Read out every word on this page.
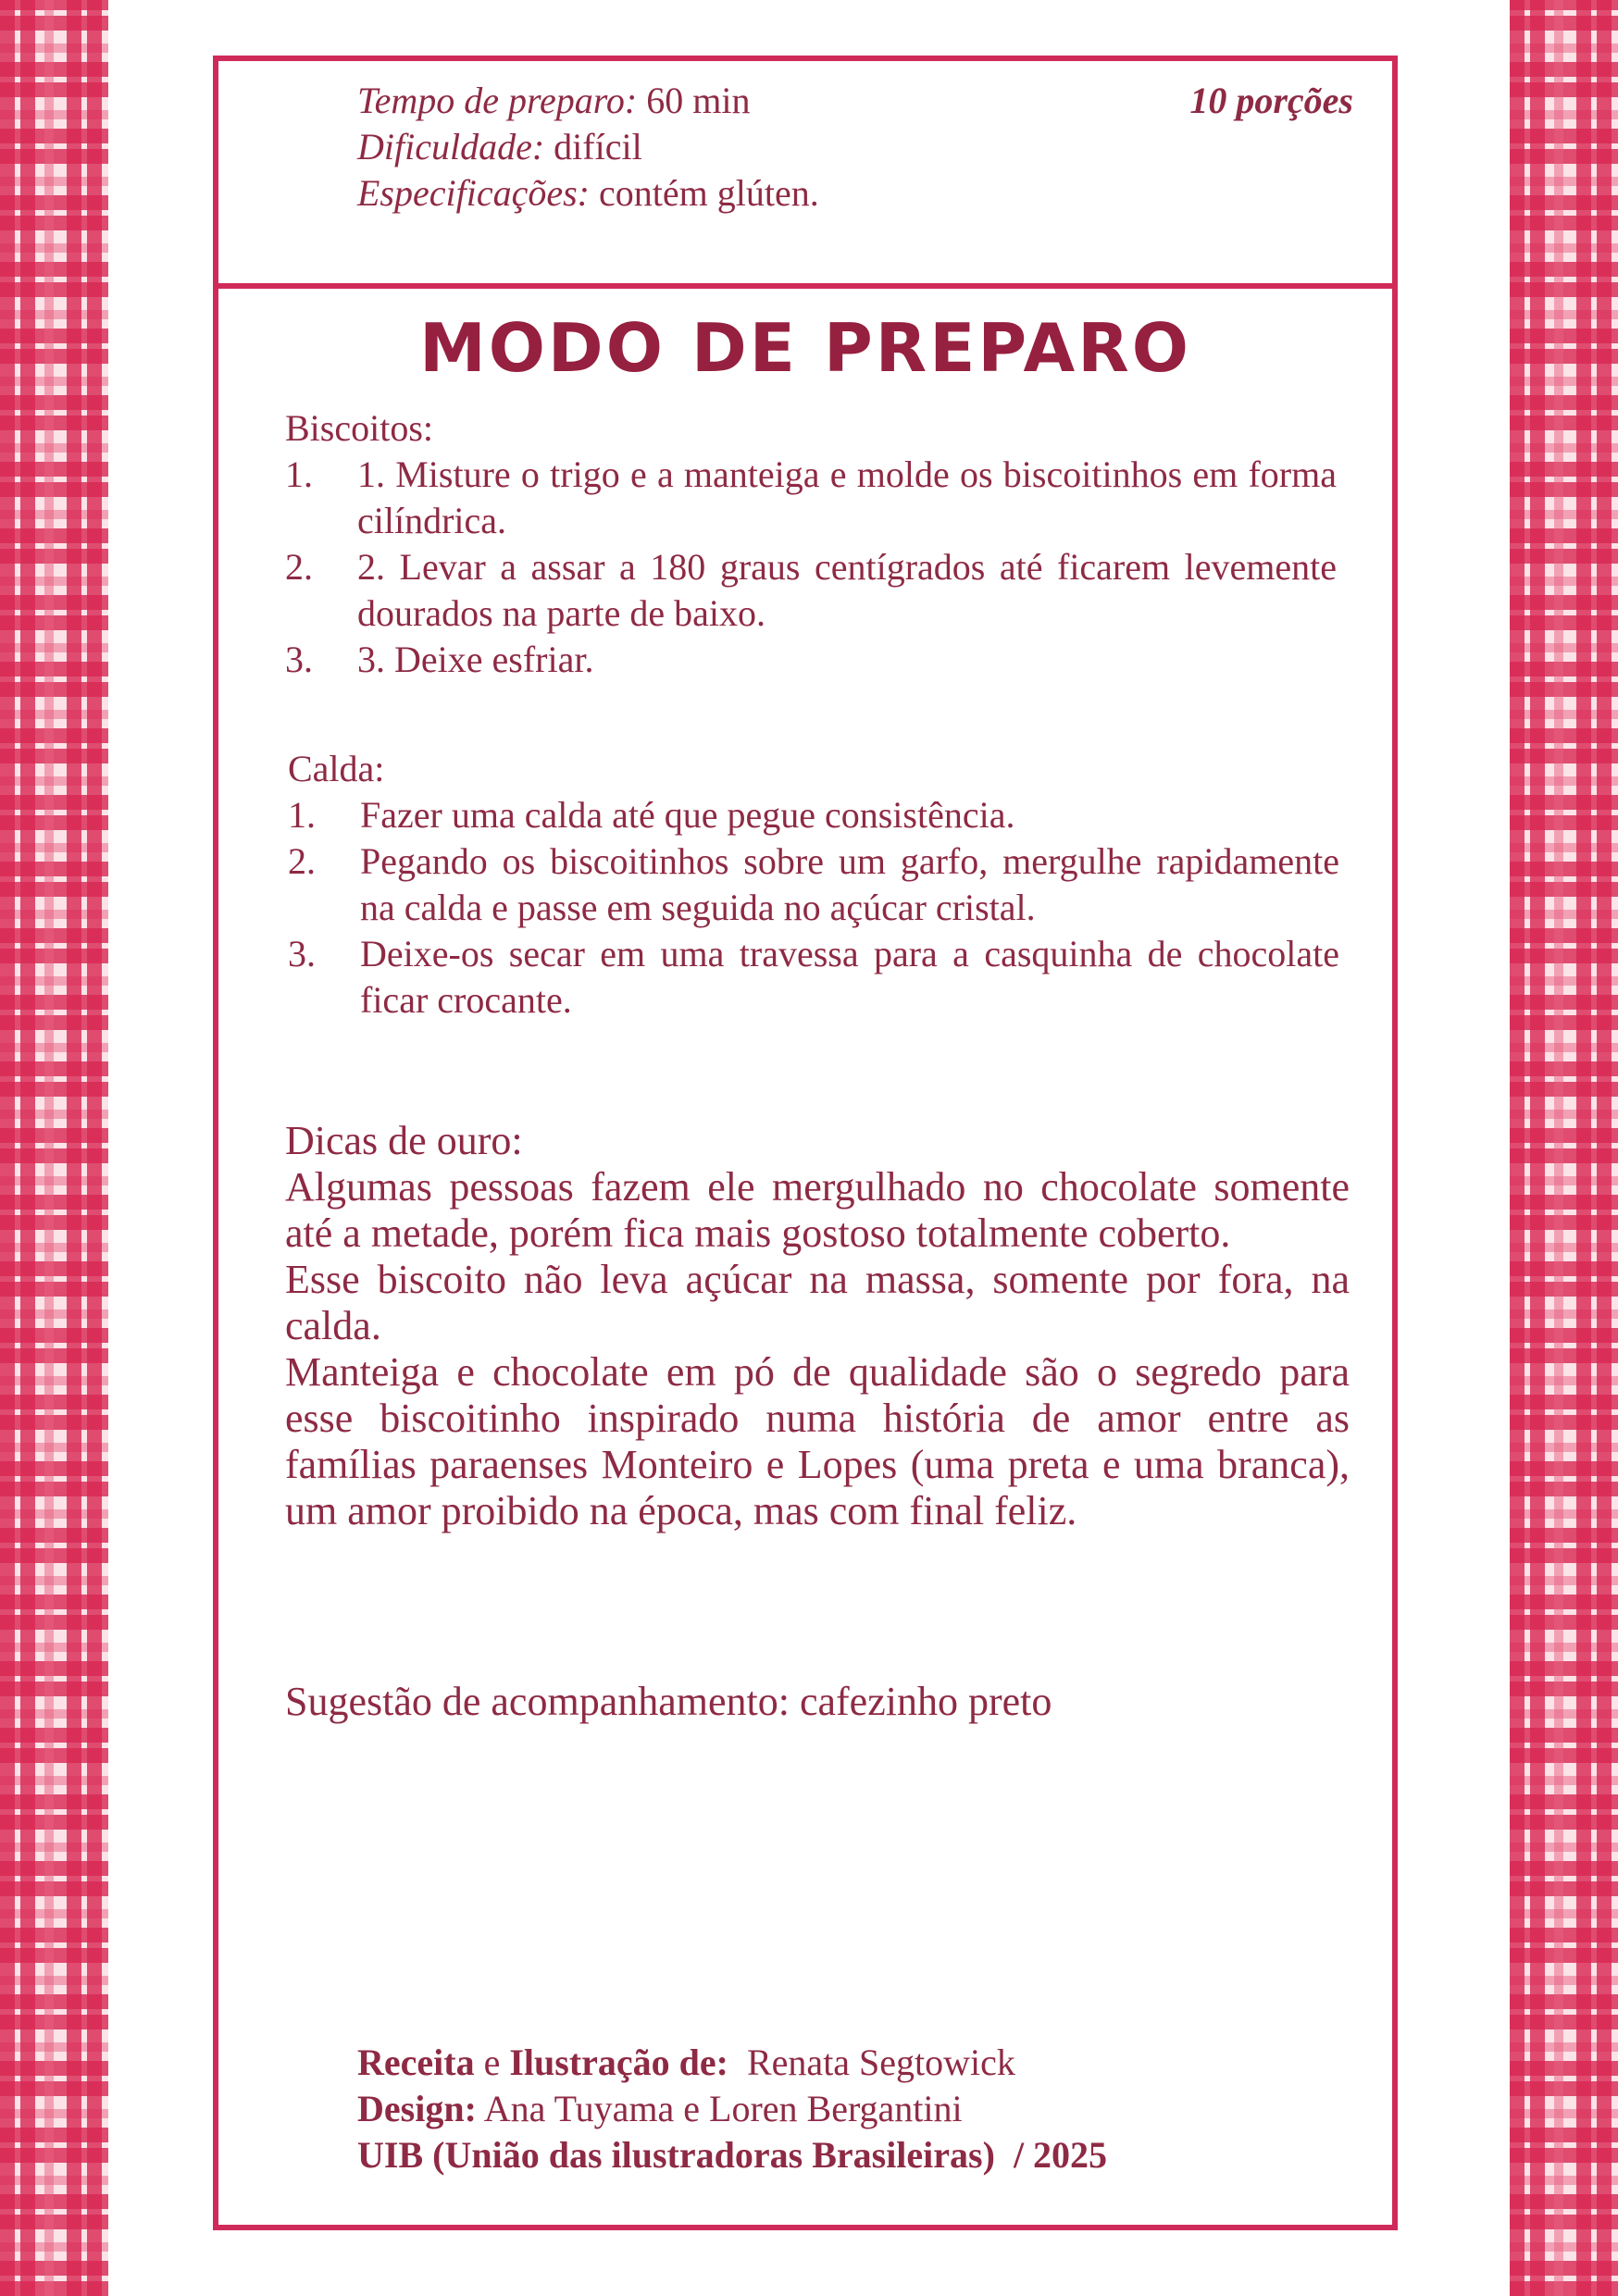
Tempo de preparo: 60 min
Dificuldade: difícil
Especificações: contém glúten.
10 porções
MODO DE PREPARO
Biscoitos:
1.	1. Misture o trigo e a manteiga e molde os biscoitinhos em forma cilíndrica.
2.	2. Levar a assar a 180 graus centígrados até ficarem levemente dourados na parte de baixo.
3.	3. Deixe esfriar.
Calda:
1.	Fazer uma calda até que pegue consistência.
2.	Pegando os biscoitinhos sobre um garfo, mergulhe rapidamente na calda e passe em seguida no açúcar cristal.
3.	Deixe-os secar em uma travessa para a casquinha de chocolate ficar crocante.

Dicas de ouro:

Algumas pessoas fazem ele mergulhado no chocolate somente até a metade, porém fica mais gostoso totalmente coberto.

Esse biscoito não leva açúcar na massa, somente por fora, na calda.

Manteiga e chocolate em pó de qualidade são o segredo para esse biscoitinho inspirado numa história de amor entre as famílias paraenses Monteiro e Lopes (uma preta e uma branca), um amor proibido na época, mas com final feliz.

Sugestão de acompanhamento: cafezinho preto
Receita e Ilustração de: Renata Segtowick
Design: Ana Tuyama e Loren Bergantini
UIB (União das ilustradoras Brasileiras) / 2025
